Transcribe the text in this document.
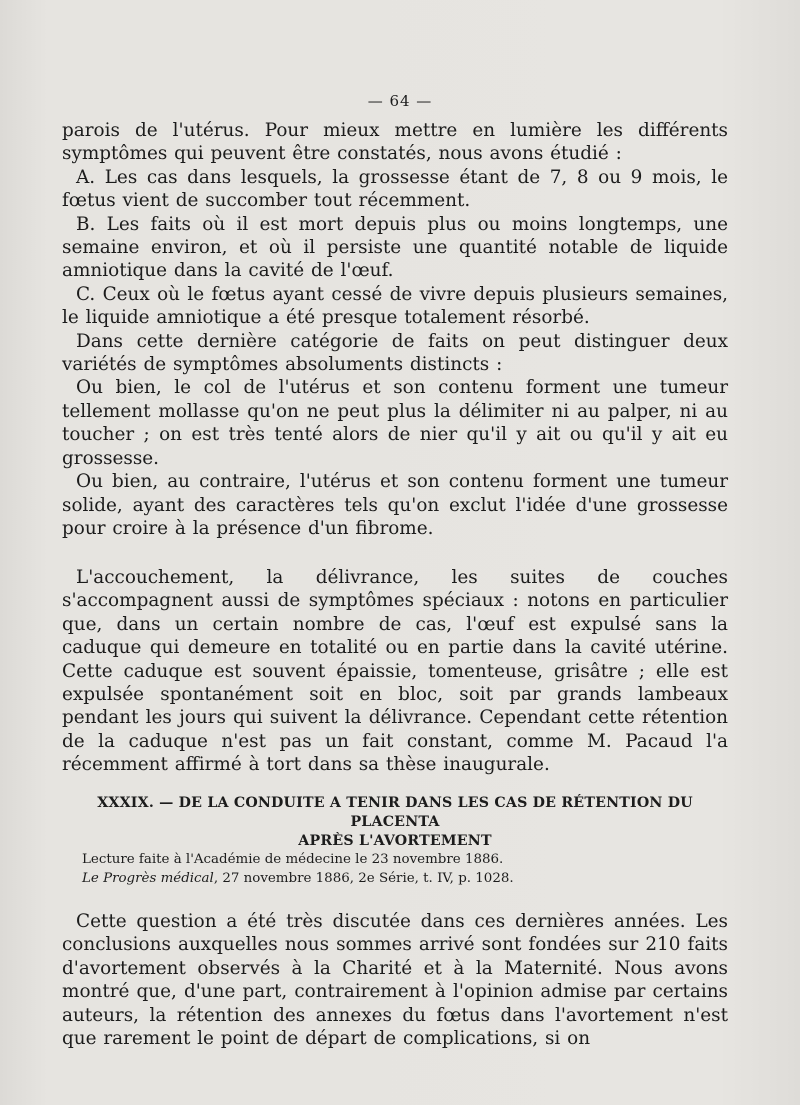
— 64 —

parois de l'utérus. Pour mieux mettre en lumière les différents symptômes qui peuvent être constatés, nous avons étudié :

A. Les cas dans lesquels, la grossesse étant de 7, 8 ou 9 mois, le fœtus vient de succomber tout récemment.

B. Les faits où il est mort depuis plus ou moins longtemps, une semaine environ, et où il persiste une quantité notable de liquide amniotique dans la cavité de l'œuf.

C. Ceux où le fœtus ayant cessé de vivre depuis plusieurs semaines, le liquide amniotique a été presque totalement résorbé.

Dans cette dernière catégorie de faits on peut distinguer deux variétés de symptômes absoluments distincts :

Ou bien, le col de l'utérus et son contenu forment une tumeur tellement mollasse qu'on ne peut plus la délimiter ni au palper, ni au toucher ; on est très tenté alors de nier qu'il y ait ou qu'il y ait eu grossesse.

Ou bien, au contraire, l'utérus et son contenu forment une tumeur solide, ayant des caractères tels qu'on exclut l'idée d'une grossesse pour croire à la présence d'un fibrome.

L'accouchement, la délivrance, les suites de couches s'accompagnent aussi de symptômes spéciaux : notons en particulier que, dans un certain nombre de cas, l'œuf est expulsé sans la caduque qui demeure en totalité ou en partie dans la cavité utérine. Cette caduque est souvent épaissie, tomenteuse, grisâtre ; elle est expulsée spontanément soit en bloc, soit par grands lambeaux pendant les jours qui suivent la délivrance. Cependant cette rétention de la caduque n'est pas un fait constant, comme M. Pacaud l'a récemment affirmé à tort dans sa thèse inaugurale.

XXXIX. — DE LA CONDUITE A TENIR DANS LES CAS DE RÉTENTION DU PLACENTA
APRÈS L'AVORTEMENT

Lecture faite à l'Académie de médecine le 23 novembre 1886.

Le Progrès médical, 27 novembre 1886, 2e Série, t. IV, p. 1028.

Cette question a été très discutée dans ces dernières années. Les conclusions auxquelles nous sommes arrivé sont fondées sur 210 faits d'avortement observés à la Charité et à la Maternité. Nous avons montré que, d'une part, contrairement à l'opinion admise par certains auteurs, la rétention des annexes du fœtus dans l'avortement n'est que rarement le point de départ de complications, si on
